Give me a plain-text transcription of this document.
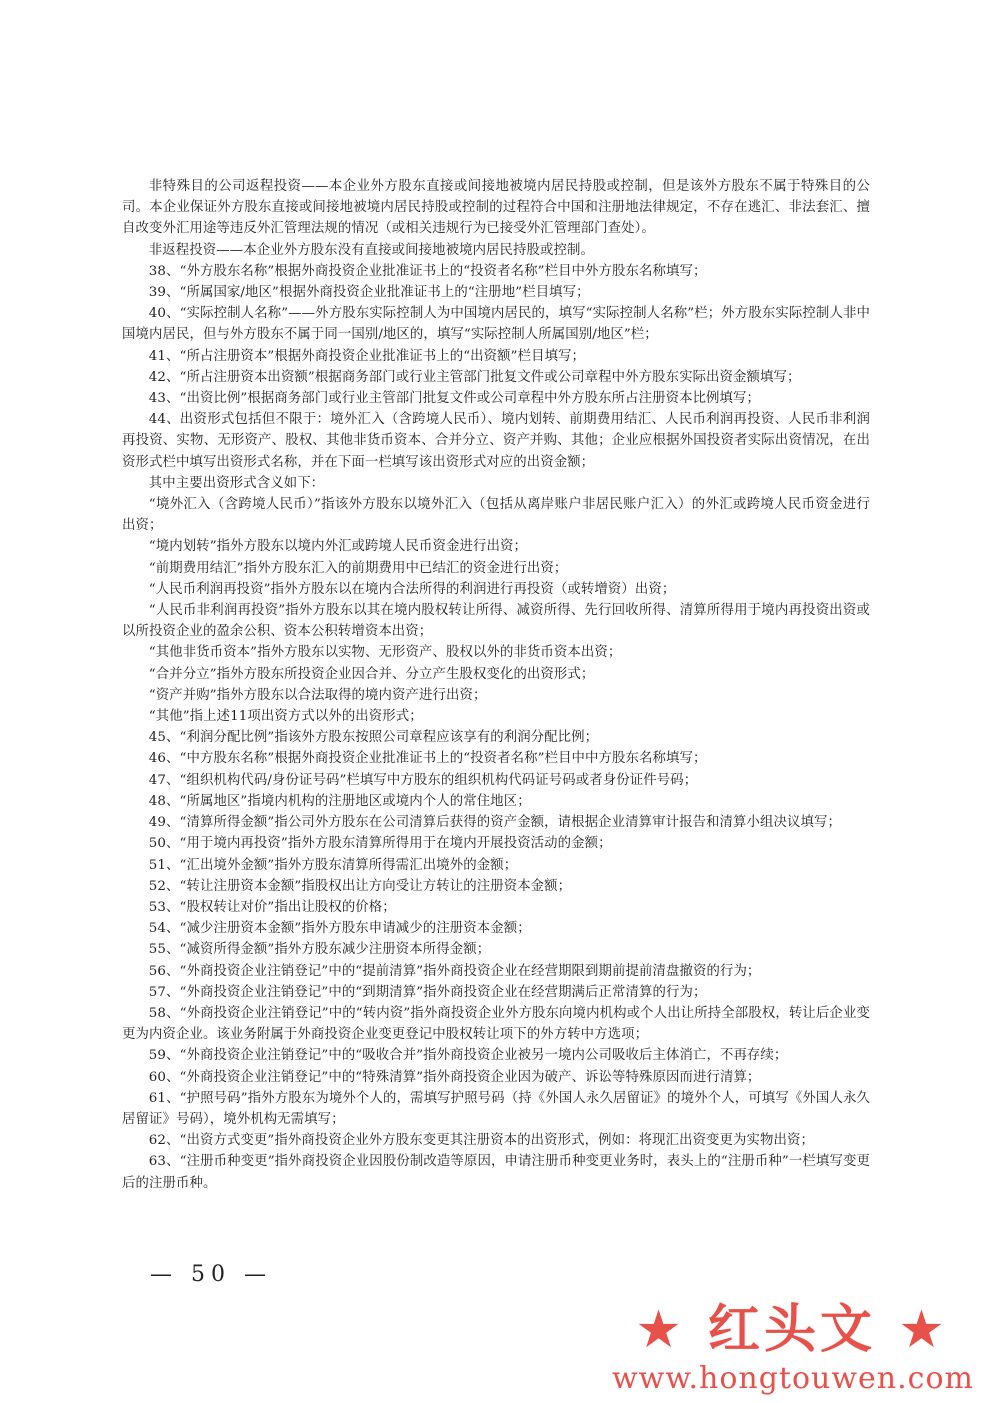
非特殊目的公司返程投资——本企业外方股东直接或间接地被境内居民持股或控制，但是该外方股东不属于特殊目的公司。本企业保证外方股东直接或间接地被境内居民持股或控制的过程符合中国和注册地法律规定，不存在逃汇、非法套汇、擅自改变外汇用途等违反外汇管理法规的情况（或相关违规行为已接受外汇管理部门查处）。

非返程投资——本企业外方股东没有直接或间接地被境内居民持股或控制。

38、“外方股东名称”根据外商投资企业批准证书上的“投资者名称”栏目中外方股东名称填写；

39、“所属国家/地区”根据外商投资企业批准证书上的“注册地”栏目填写；

40、“实际控制人名称”——外方股东实际控制人为中国境内居民的，填写“实际控制人名称”栏；外方股东实际控制人非中国境内居民，但与外方股东不属于同一国别/地区的，填写“实际控制人所属国别/地区”栏；

41、“所占注册资本”根据外商投资企业批准证书上的“出资额”栏目填写；

42、“所占注册资本出资额”根据商务部门或行业主管部门批复文件或公司章程中外方股东实际出资金额填写；

43、“出资比例”根据商务部门或行业主管部门批复文件或公司章程中外方股东所占注册资本比例填写；

44、出资形式包括但不限于：境外汇入（含跨境人民币）、境内划转、前期费用结汇、人民币利润再投资、人民币非利润再投资、实物、无形资产、股权、其他非货币资本、合并分立、资产并购、其他；企业应根据外国投资者实际出资情况，在出资形式栏中填写出资形式名称，并在下面一栏填写该出资形式对应的出资金额；

其中主要出资形式含义如下：

“境外汇入（含跨境人民币）”指该外方股东以境外汇入（包括从离岸账户非居民账户汇入）的外汇或跨境人民币资金进行出资；

“境内划转”指外方股东以境内外汇或跨境人民币资金进行出资；

“前期费用结汇”指外方股东汇入的前期费用中已结汇的资金进行出资；

“人民币利润再投资”指外方股东以在境内合法所得的利润进行再投资（或转增资）出资；

“人民币非利润再投资”指外方股东以其在境内股权转让所得、减资所得、先行回收所得、清算所得用于境内再投资出资或以所投资企业的盈余公积、资本公积转增资本出资；

“其他非货币资本”指外方股东以实物、无形资产、股权以外的非货币资本出资；

“合并分立”指外方股东所投资企业因合并、分立产生股权变化的出资形式；

“资产并购”指外方股东以合法取得的境内资产进行出资；

“其他”指上述11项出资方式以外的出资形式；

45、“利润分配比例”指该外方股东按照公司章程应该享有的利润分配比例；

46、“中方股东名称”根据外商投资企业批准证书上的“投资者名称”栏目中中方股东名称填写；

47、“组织机构代码/身份证号码”栏填写中方股东的组织机构代码证号码或者身份证件号码；

48、“所属地区”指境内机构的注册地区或境内个人的常住地区；

49、“清算所得金额”指公司外方股东在公司清算后获得的资产金额，请根据企业清算审计报告和清算小组决议填写；

50、“用于境内再投资”指外方股东清算所得用于在境内开展投资活动的金额；

51、“汇出境外金额”指外方股东清算所得需汇出境外的金额；

52、“转让注册资本金额”指股权出让方向受让方转让的注册资本金额；

53、“股权转让对价”指出让股权的价格；

54、“减少注册资本金额”指外方股东申请减少的注册资本金额；

55、“减资所得金额”指外方股东减少注册资本所得金额；

56、“外商投资企业注销登记”中的“提前清算”指外商投资企业在经营期限到期前提前清盘撤资的行为；

57、“外商投资企业注销登记”中的“到期清算”指外商投资企业在经营期满后正常清算的行为；

58、“外商投资企业注销登记”中的“转内资”指外商投资企业外方股东向境内机构或个人出让所持全部股权，转让后企业变更为内资企业。该业务附属于外商投资企业变更登记中股权转让项下的外方转中方选项；

59、“外商投资企业注销登记”中的“吸收合并”指外商投资企业被另一境内公司吸收后主体消亡，不再存续；

60、“外商投资企业注销登记”中的“特殊清算”指外商投资企业因为破产、诉讼等特殊原因而进行清算；

61、“护照号码”指外方股东为境外个人的，需填写护照号码（持《外国人永久居留证》的境外个人，可填写《外国人永久居留证》号码），境外机构无需填写；

62、“出资方式变更”指外商投资企业外方股东变更其注册资本的出资形式，例如：将现汇出资变更为实物出资；

63、“注册币种变更”指外商投资企业因股份制改造等原因，申请注册币种变更业务时，表头上的“注册币种”一栏填写变更后的注册币种。

— 50 —
★ 红头文 ★
www.hongtouwen.com
